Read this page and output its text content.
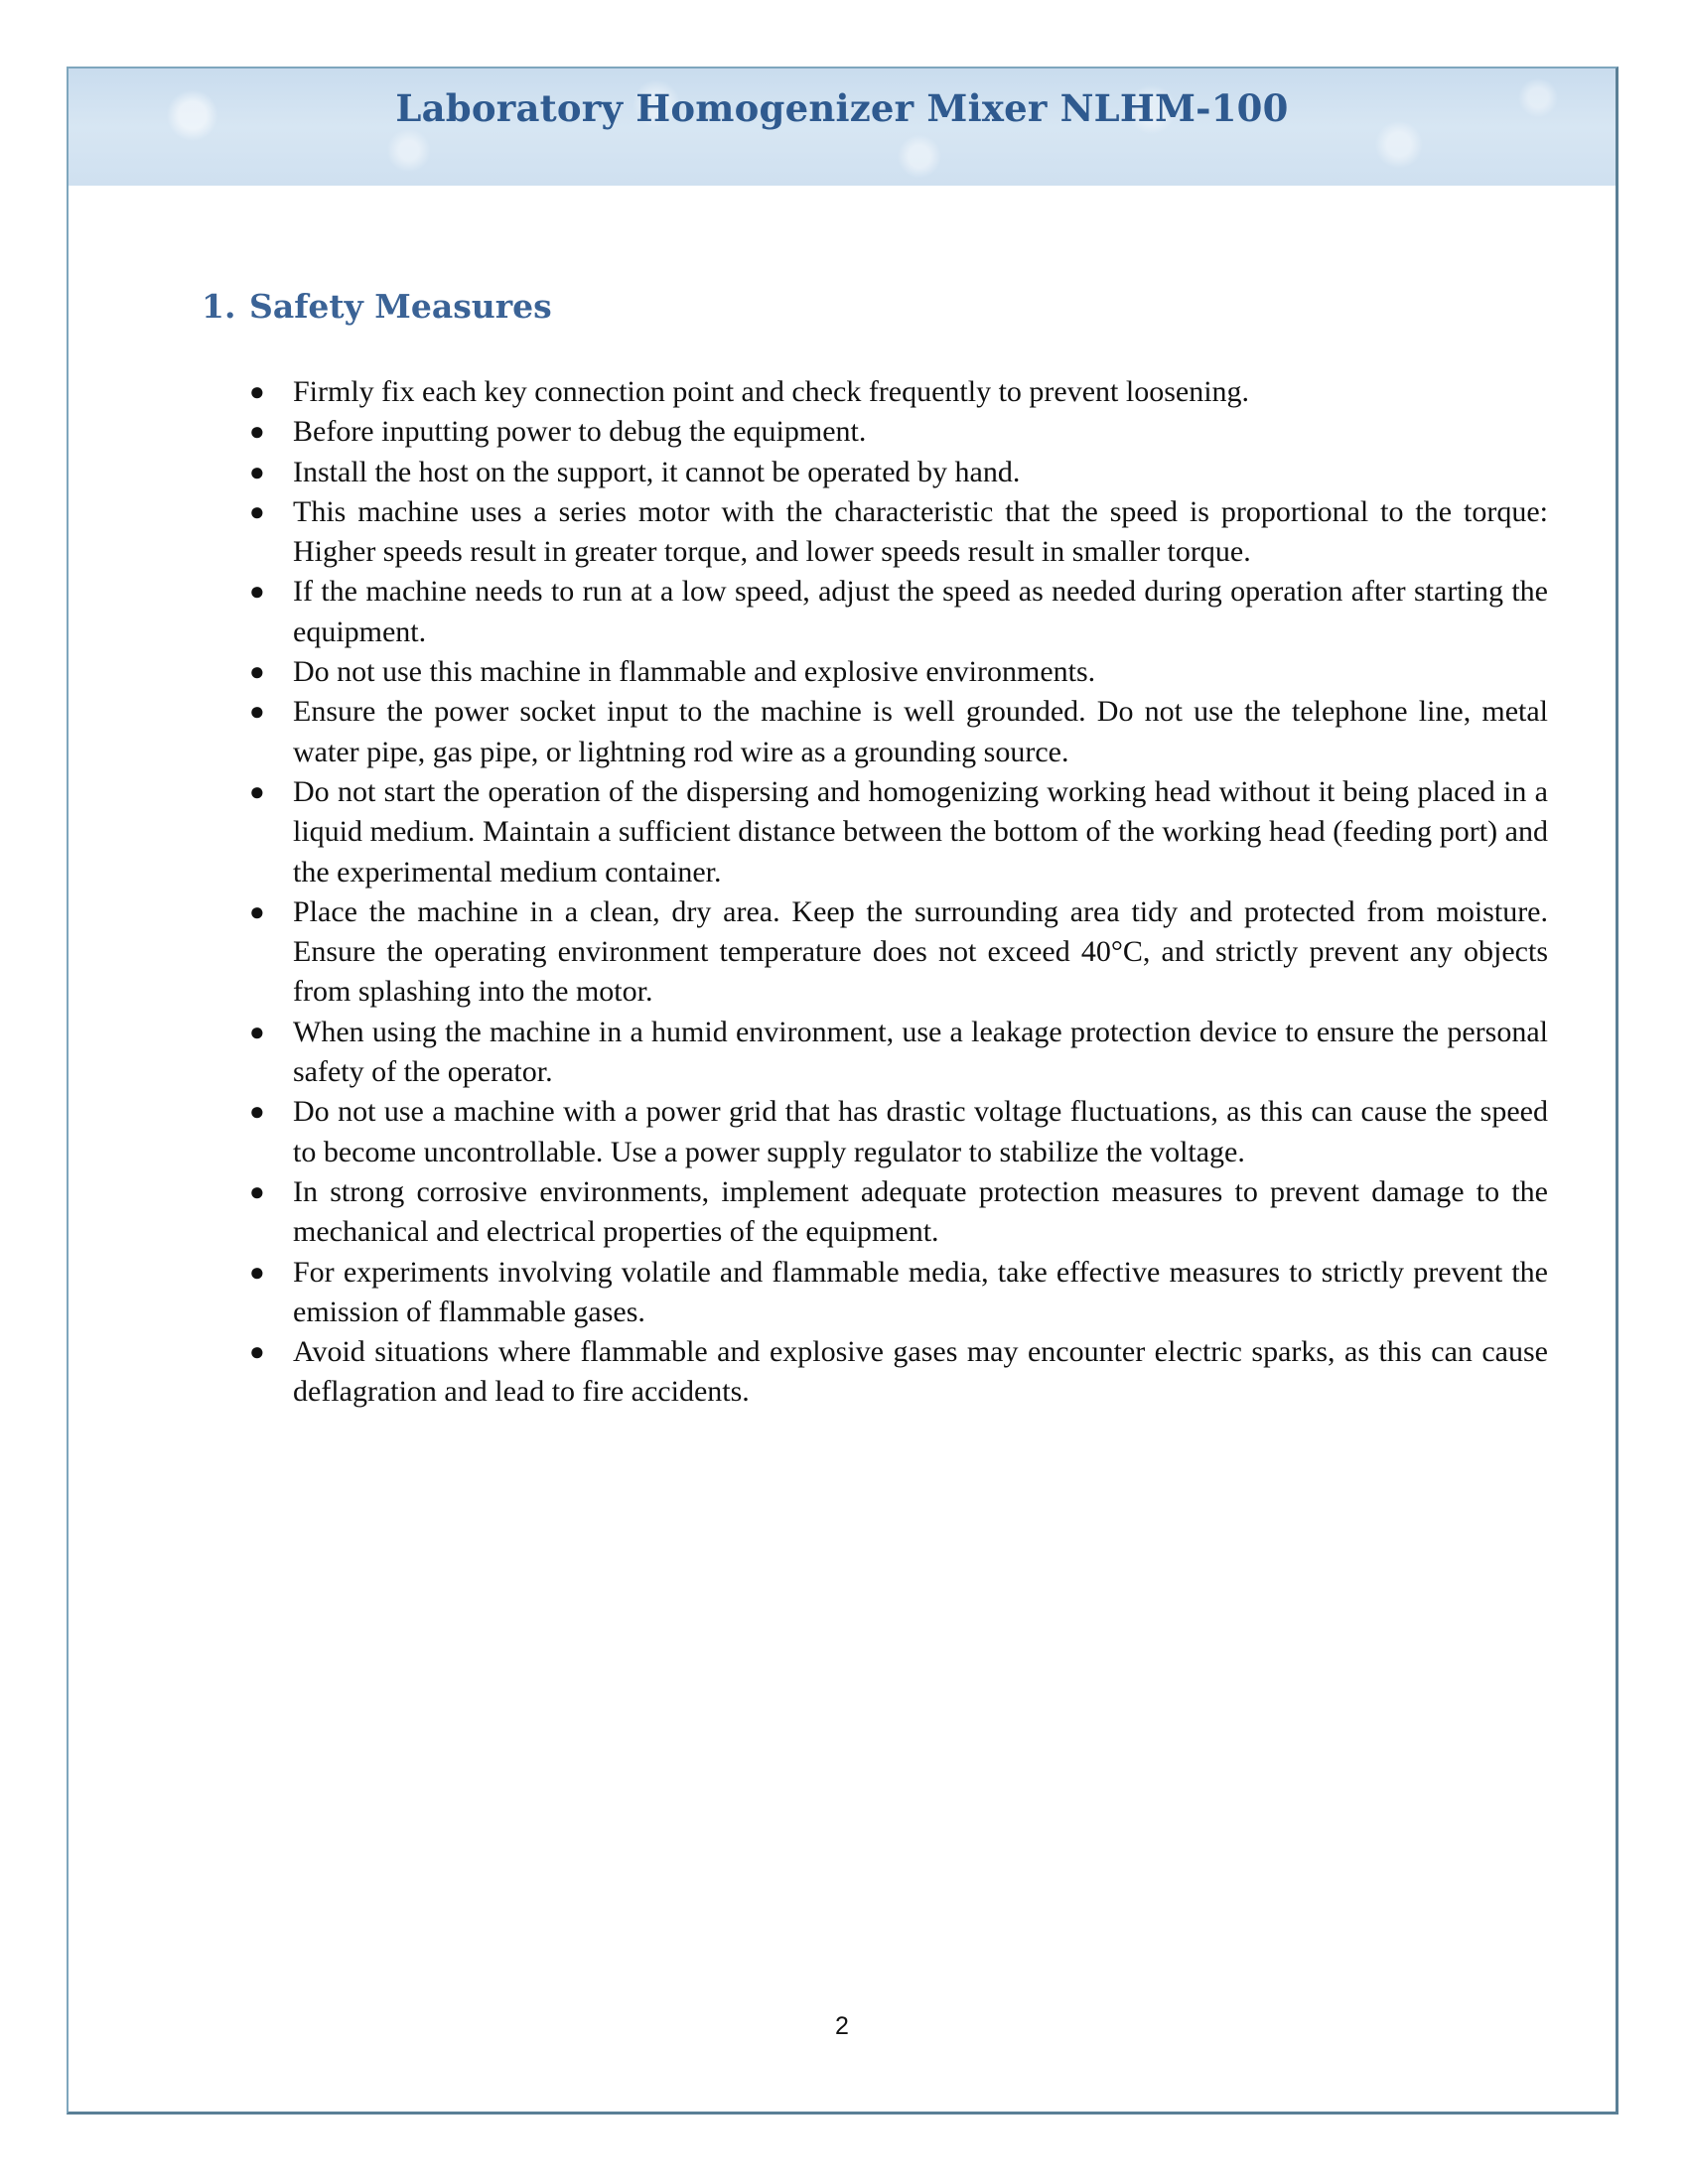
Laboratory Homogenizer Mixer NLHM-100
1. Safety Measures
● Firmly fix each key connection point and check frequently to prevent loosening.
● Before inputting power to debug the equipment.
● Install the host on the support, it cannot be operated by hand.
● This machine uses a series motor with the characteristic that the speed is proportional to the torque: Higher speeds result in greater torque, and lower speeds result in smaller torque.
● If the machine needs to run at a low speed, adjust the speed as needed during operation after starting the equipment.
● Do not use this machine in flammable and explosive environments.
● Ensure the power socket input to the machine is well grounded. Do not use the telephone line, metal water pipe, gas pipe, or lightning rod wire as a grounding source.
● Do not start the operation of the dispersing and homogenizing working head without it being placed in a liquid medium. Maintain a sufficient distance between the bottom of the working head (feeding port) and the experimental medium container.
● Place the machine in a clean, dry area. Keep the surrounding area tidy and protected from moisture. Ensure the operating environment temperature does not exceed 40°C, and strictly prevent any objects from splashing into the motor.
● When using the machine in a humid environment, use a leakage protection device to ensure the personal safety of the operator.
● Do not use a machine with a power grid that has drastic voltage fluctuations, as this can cause the speed to become uncontrollable. Use a power supply regulator to stabilize the voltage.
● In strong corrosive environments, implement adequate protection measures to prevent damage to the mechanical and electrical properties of the equipment.
● For experiments involving volatile and flammable media, take effective measures to strictly prevent the emission of flammable gases.
● Avoid situations where flammable and explosive gases may encounter electric sparks, as this can cause deflagration and lead to fire accidents.
2
